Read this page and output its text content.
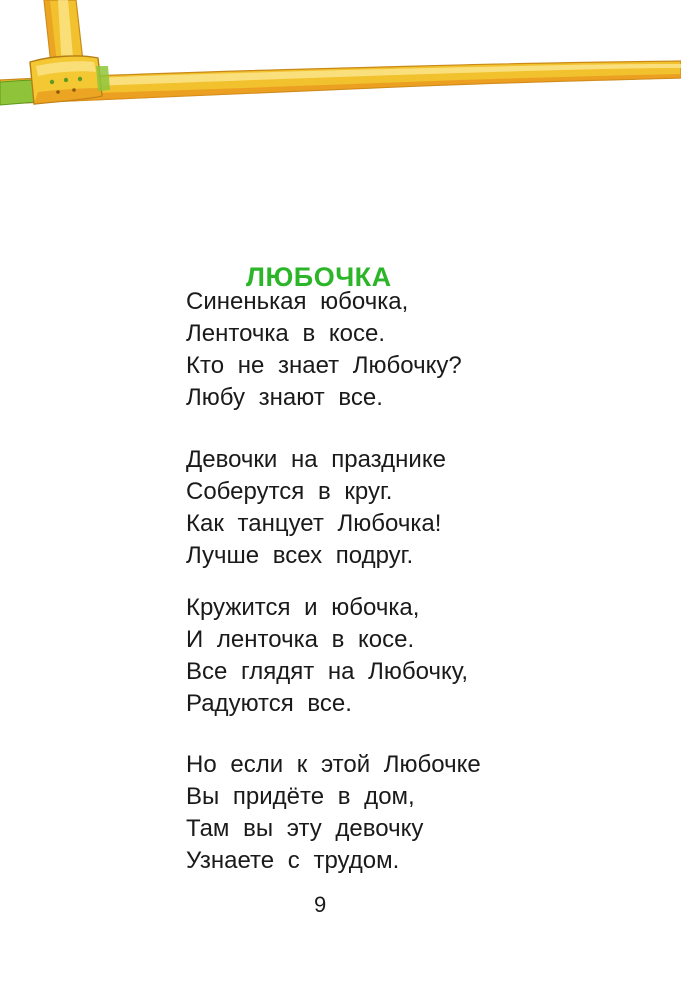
ЛЮБОЧКА
Синенькая юбочка,
Ленточка в косе.
Кто не знает Любочку?
Любу знают все.
Девочки на празднике
Соберутся в круг.
Как танцует Любочка!
Лучше всех подруг.
Кружится и юбочка,
И ленточка в косе.
Все глядят на Любочку,
Радуются все.
Но если к этой Любочке
Вы придёте в дом,
Там вы эту девочку
Узнаете с трудом.
9
